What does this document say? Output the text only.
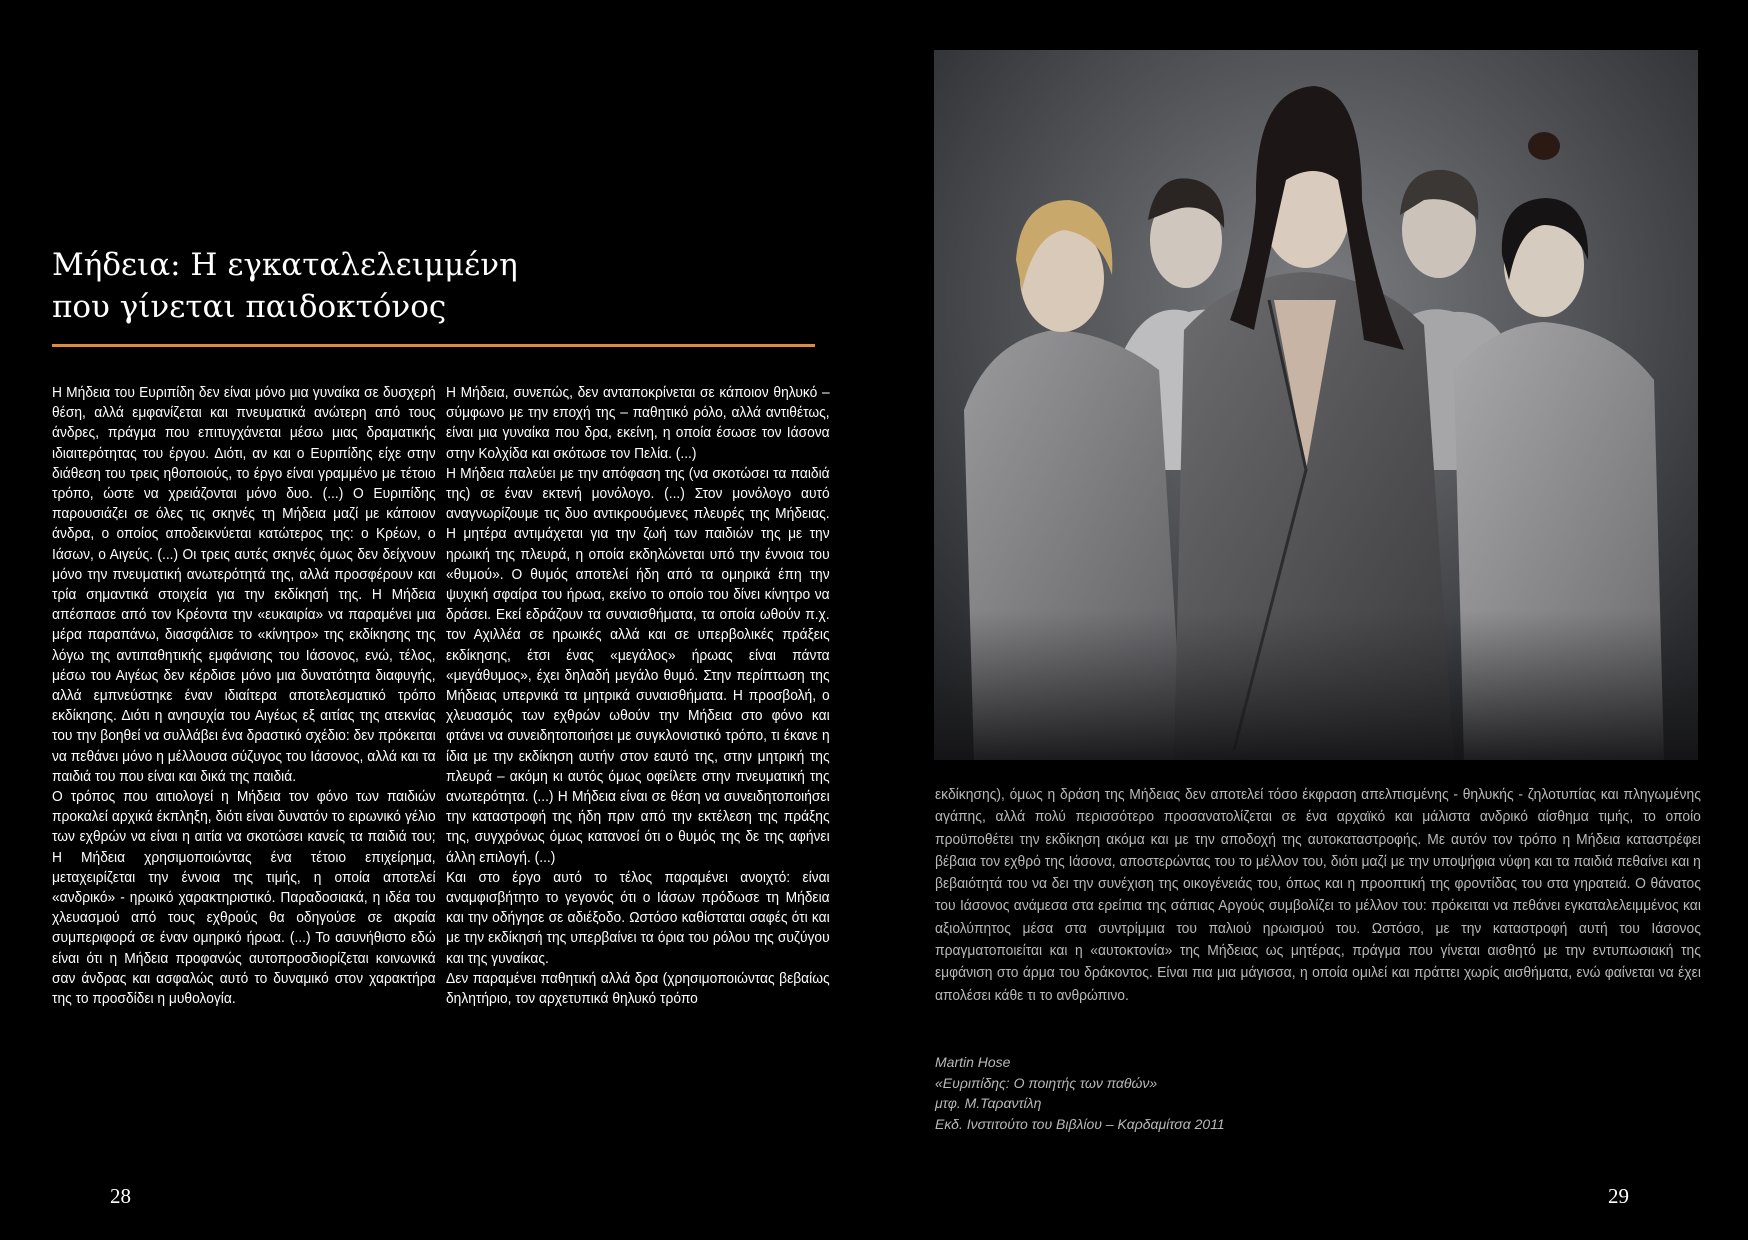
Μήδεια: Η εγκαταλελειμμένη
που γίνεται παιδοκτόνος

Η Μήδεια του Ευριπίδη δεν είναι μόνο μια γυναίκα σε δυσχερή θέση, αλλά εμφανίζεται και πνευματικά ανώτερη από τους άνδρες, πράγμα που επιτυγχάνεται μέσω μιας δραματικής ιδιαιτερότητας του έργου. Διότι, αν και ο Ευριπίδης είχε στην διάθεση του τρεις ηθοποιούς, το έργο είναι γραμμένο με τέτοιο τρόπο, ώστε να χρειάζονται μόνο δυο. (...) Ο Ευριπίδης παρουσιάζει σε όλες τις σκηνές τη Μήδεια μαζί με κάποιον άνδρα, ο οποίος αποδεικνύεται κατώτερος της: ο Κρέων, ο Ιάσων, ο Αιγεύς. (...) Οι τρεις αυτές σκηνές όμως δεν δείχνουν μόνο την πνευματική ανωτερότητά της, αλλά προσφέρουν και τρία σημαντικά στοιχεία για την εκδίκησή της. Η Μήδεια απέσπασε από τον Κρέοντα την «ευκαιρία» να παραμένει μια μέρα παραπάνω, διασφάλισε το «κίνητρο» της εκδίκησης της λόγω της αντιπαθητικής εμφάνισης του Ιάσονος, ενώ, τέλος, μέσω του Αιγέως δεν κέρδισε μόνο μια δυνατότητα διαφυγής, αλλά εμπνεύστηκε έναν ιδιαίτερα αποτελεσματικό τρόπο εκδίκησης. Διότι η ανησυχία του Αιγέως εξ αιτίας της ατεκνίας του την βοηθεί να συλλάβει ένα δραστικό σχέδιο: δεν πρόκειται να πεθάνει μόνο η μέλλουσα σύζυγος του Ιάσονος, αλλά και τα παιδιά του που είναι και δικά της παιδιά.

Ο τρόπος που αιτιολογεί η Μήδεια τον φόνο των παιδιών προκαλεί αρχικά έκπληξη, διότι είναι δυνατόν το ειρωνικό γέλιο των εχθρών να είναι η αιτία να σκοτώσει κανείς τα παιδιά του; Η Μήδεια χρησιμοποιώντας ένα τέτοιο επιχείρημα, μεταχειρίζεται την έννοια της τιμής, η οποία αποτελεί «ανδρικό» - ηρωικό χαρακτηριστικό. Παραδοσιακά, η ιδέα του χλευασμού από τους εχθρούς θα οδηγούσε σε ακραία συμπεριφορά σε έναν ομηρικό ήρωα. (...) Το ασυνήθιστο εδώ είναι ότι η Μήδεια προφανώς αυτοπροσδιορίζεται κοινωνικά σαν άνδρας και ασφαλώς αυτό το δυναμικό στον χαρακτήρα της το προσδίδει η μυθολογία.

Η Μήδεια, συνεπώς, δεν ανταποκρίνεται σε κάποιον θηλυκό – σύμφωνο με την εποχή της – παθητικό ρόλο, αλλά αντιθέτως, είναι μια γυναίκα που δρα, εκείνη, η οποία έσωσε τον Ιάσονα στην Κολχίδα και σκότωσε τον Πελία. (...)

Η Μήδεια παλεύει με την απόφαση της (να σκοτώσει τα παιδιά της) σε έναν εκτενή μονόλογο. (...) Στον μονόλογο αυτό αναγνωρίζουμε τις δυο αντικρουόμενες πλευρές της Μήδειας. Η μητέρα αντιμάχεται για την ζωή των παιδιών της με την ηρωική της πλευρά, η οποία εκδηλώνεται υπό την έννοια του «θυμού». Ο θυμός αποτελεί ήδη από τα ομηρικά έπη την ψυχική σφαίρα του ήρωα, εκείνο το οποίο του δίνει κίνητρο να δράσει. Εκεί εδράζουν τα συναισθήματα, τα οποία ωθούν π.χ. τον Αχιλλέα σε ηρωικές αλλά και σε υπερβολικές πράξεις εκδίκησης, έτσι ένας «μεγάλος» ήρωας είναι πάντα «μεγάθυμος», έχει δηλαδή μεγάλο θυμό. Στην περίπτωση της Μήδειας υπερνικά τα μητρικά συναισθήματα. Η προσβολή, ο χλευασμός των εχθρών ωθούν την Μήδεια στο φόνο και φτάνει να συνειδητοποιήσει με συγκλονιστικό τρόπο, τι έκανε η ίδια με την εκδίκηση αυτήν στον εαυτό της, στην μητρική της πλευρά – ακόμη κι αυτός όμως οφείλετε στην πνευματική της ανωτερότητα. (...) Η Μήδεια είναι σε θέση να συνειδητοποιήσει την καταστροφή της ήδη πριν από την εκτέλεση της πράξης της, συγχρόνως όμως κατανοεί ότι ο θυμός της δε της αφήνει άλλη επιλογή. (...)

Και στο έργο αυτό το τέλος παραμένει ανοιχτό: είναι αναμφισβήτητο το γεγονός ότι ο Ιάσων πρόδωσε τη Μήδεια και την οδήγησε σε αδιέξοδο. Ωστόσο καθίσταται σαφές ότι και με την εκδίκησή της υπερβαίνει τα όρια του ρόλου της συζύγου και της γυναίκας.

Δεν παραμένει παθητική αλλά δρα (χρησιμοποιώντας βεβαίως δηλητήριο, τον αρχετυπικά θηλυκό τρόπο

28

εκδίκησης), όμως η δράση της Μήδειας δεν αποτελεί τόσο έκφραση απελπισμένης - θηλυκής - ζηλοτυπίας και πληγωμένης αγάπης, αλλά πολύ περισσότερο προσανατολίζεται σε ένα αρχαϊκό και μάλιστα ανδρικό αίσθημα τιμής, το οποίο προϋποθέτει την εκδίκηση ακόμα και με την αποδοχή της αυτοκαταστροφής. Με αυτόν τον τρόπο η Μήδεια καταστρέφει βέβαια τον εχθρό της Ιάσονα, αποστερώντας του το μέλλον του, διότι μαζί με την υποψήφια νύφη και τα παιδιά πεθαίνει και η βεβαιότητά του να δει την συνέχιση της οικογένειάς του, όπως και η προοπτική της φροντίδας του στα γηρατειά. Ο θάνατος του Ιάσονος ανάμεσα στα ερείπια της σάπιας Αργούς συμβολίζει το μέλλον του: πρόκειται να πεθάνει εγκαταλελειμμένος και αξιολύπητος μέσα στα συντρίμμια του παλιού ηρωισμού του. Ωστόσο, με την καταστροφή αυτή του Ιάσονος πραγματοποιείται και η «αυτοκτονία» της Μήδειας ως μητέρας, πράγμα που γίνεται αισθητό με την εντυπωσιακή της εμφάνιση στο άρμα του δράκοντος. Είναι πια μια μάγισσα, η οποία ομιλεί και πράττει χωρίς αισθήματα, ενώ φαίνεται να έχει απολέσει κάθε τι το ανθρώπινο.

Martin Hose
«Ευριπίδης: Ο ποιητής των παθών»
μτφ. Μ.Ταραντίλη
Εκδ. Ινστιτούτο του Βιβλίου – Καρδαμίτσα 2011
29
